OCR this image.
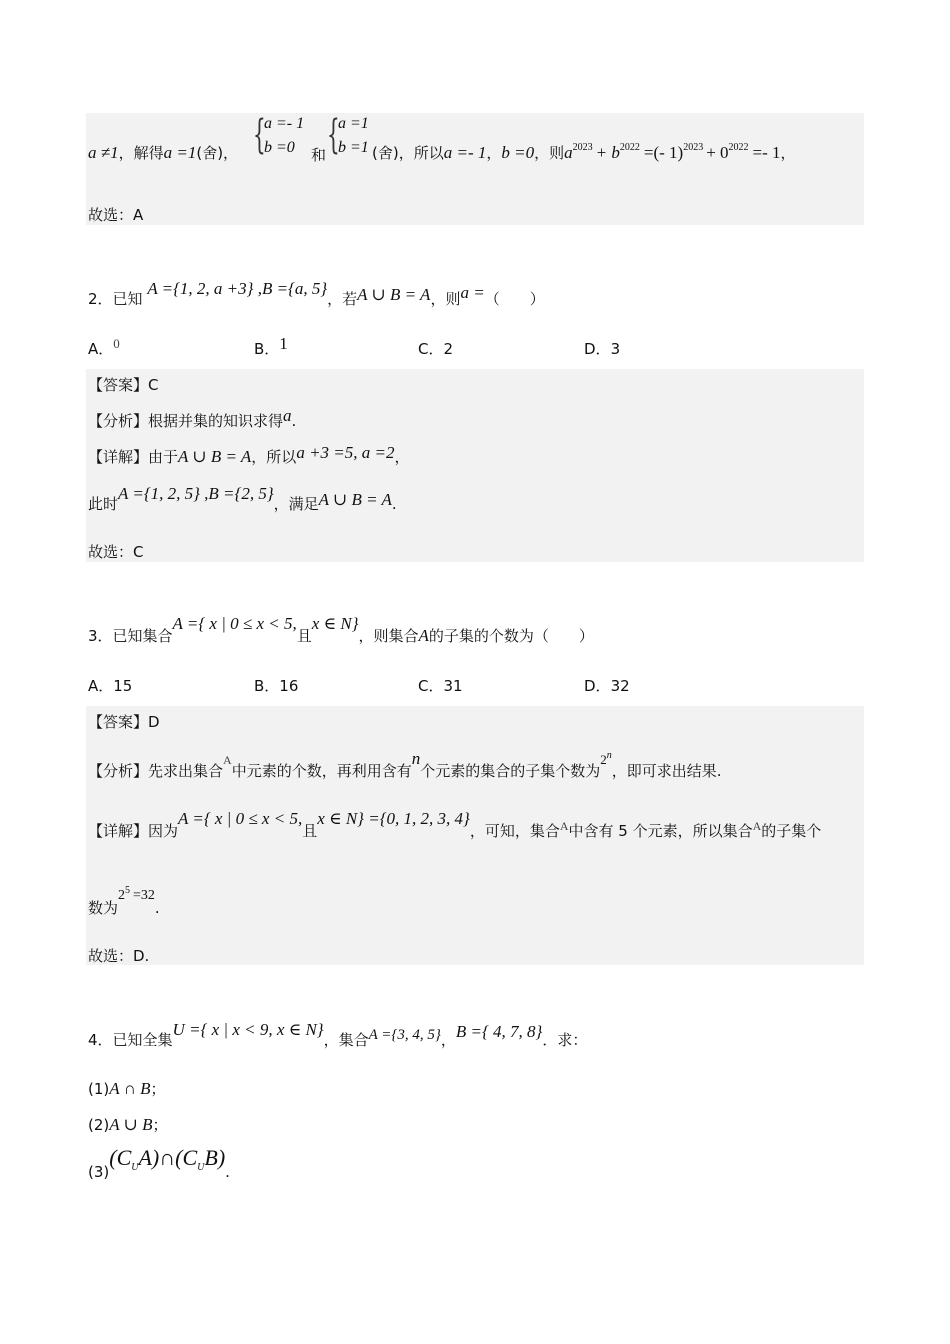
a ≠1，解得a =1(舍)， {
a =- 1
b =0	和 {
a =1
b =1 (舍)，所以a =- 1，b =0，则$a^{2023} + b^{2022}$ =(- $1)^{2023} + 0^{2022} =- 1$，
故选：A
2．已知 A ={1, 2, a +3} ,B ={a, 5}，若A ∪ B = A，则a =（　　）
A．0	B．1	C．2	D．3
【答案】C
【分析】根据并集的知识求得a.
【详解】由于A ∪ B = A，所以a +3 =5, a =2，
此时A ={1, 2, 5} ,B ={2, 5}，满足A ∪ B = A.
故选：C
3．已知集合A ={ x | 0 ≤ x < 5,且x ∈ N}，则集合A的子集的个数为（　　）
A．15	B．16	C．31	D．32
【答案】D
【分析】先求出集合$^A$中元素的个数，再利用含有n个元素的集合的子集个数为2$^n$，即可求出结果.
【详解】因为A ={ x | 0 ≤ x < 5,且x ∈ N} ={0, 1, 2, 3, 4}，可知，集合$^A$中含有 5 个元素，所以集合$^A$的子集个
数为$2^5 =32$.
故选：D.
4．已知全集U ={ x | x < 9, x ∈ N}，集合A ={3, 4, 5}，B ={ 4, 7, 8}．求：
(1)A ∩ B；
(2)A ∪ B；
$(3)(C_UA)\cap(C_UB)$.
